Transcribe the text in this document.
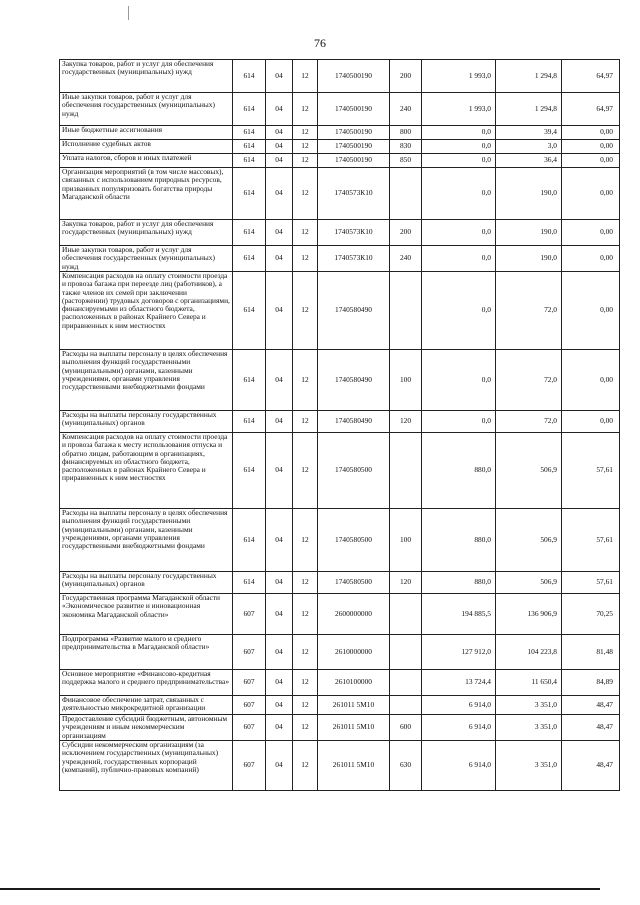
76
Закупка товаров, работ и услуг для обеспечения государственных (муниципальных) нужд	614	04	12	1740500190	200	1 993,0	1 294,8	64,97
Иные закупки товаров, работ и услуг для обеспечения государственных (муниципальных) нужд	614	04	12	1740500190	240	1 993,0	1 294,8	64,97
Иные бюджетные ассигнования	614	04	12	1740500190	800	0,0	39,4	0,00
Исполнение судебных актов	614	04	12	1740500190	830	0,0	3,0	0,00
Уплата налогов, сборов и иных платежей	614	04	12	1740500190	850	0,0	36,4	0,00
Организация мероприятий (в том числе массовых), связанных с использованием природных ресурсов, призванных популяризовать богатства природы Магаданской области	614	04	12	1740573К10		0,0	190,0	0,00
Закупка товаров, работ и услуг для обеспечения государственных (муниципальных) нужд	614	04	12	1740573К10	200	0,0	190,0	0,00
Иные закупки товаров, работ и услуг для обеспечения государственных (муниципальных) нужд	614	04	12	1740573К10	240	0,0	190,0	0,00
Компенсация расходов на оплату стоимости проезда и провоза багажа при переезде лиц (работников), а также членов их семей при заключении (расторжении) трудовых договоров с организациями, финансируемыми из областного бюджета, расположенных в районах Крайнего Севера и приравненных к ним местностях	614	04	12	1740580490		0,0	72,0	0,00
Расходы на выплаты персоналу в целях обеспечения выполнения функций государственными (муниципальными) органами, казенными учреждениями, органами управления государственными внебюджетными фондами	614	04	12	1740580490	100	0,0	72,0	0,00
Расходы на выплаты персоналу государственных (муниципальных) органов	614	04	12	1740580490	120	0,0	72,0	0,00
Компенсация расходов на оплату стоимости проезда и провоза багажа к месту использования отпуска и обратно лицам, работающим в организациях, финансируемых из областного бюджета, расположенных в районах Крайнего Севера и приравненных к ним местностях	614	04	12	1740580500		880,0	506,9	57,61
Расходы на выплаты персоналу в целях обеспечения выполнения функций государственными (муниципальными) органами, казенными учреждениями, органами управления государственными внебюджетными фондами	614	04	12	1740580500	100	880,0	506,9	57,61
Расходы на выплаты персоналу государственных (муниципальных) органов	614	04	12	1740580500	120	880,0	506,9	57,61
Государственная программа Магаданской области «Экономическое развитие и инновационная экономика Магаданской области»	607	04	12	2600000000		194 885,5	136 906,9	70,25
Подпрограмма «Развитие малого и среднего предпринимательства в Магаданской области»	607	04	12	2610000000		127 912,0	104 223,8	81,48
Основное мероприятие «Финансово-кредитная поддержка малого и среднего предпринимательства»	607	04	12	2610100000		13 724,4	11 650,4	84,89
Финансовое обеспечение затрат, связанных с деятельностью микрокредитной организации	607	04	12	261011 5М10		6 914,0	3 351,0	48,47
Предоставление субсидий бюджетным, автономным учреждениям и иным некоммерческим организациям	607	04	12	261011 5М10	600	6 914,0	3 351,0	48,47
Субсидии некоммерческим организациям (за исключением государственных (муниципальных) учреждений, государственных корпораций (компаний), публично-правовых компаний)	607	04	12	261011 5М10	630	6 914,0	3 351,0	48,47
